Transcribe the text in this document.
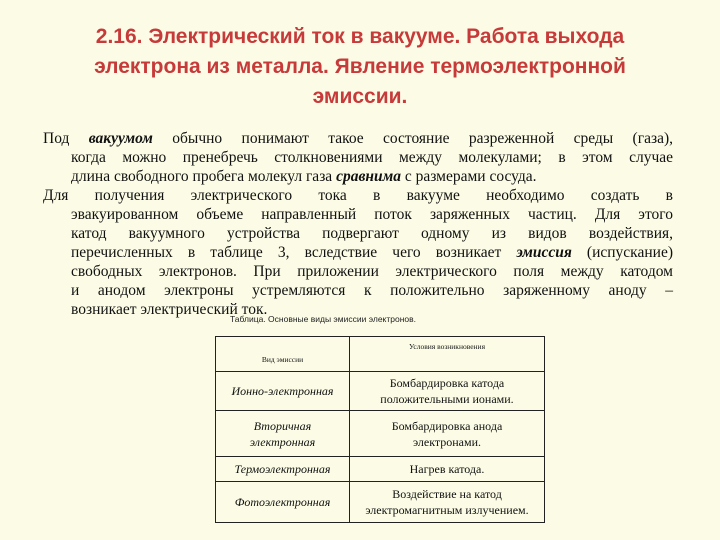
2.16. Электрический ток в вакууме. Работа выхода
электрона из металла. Явление термоэлектронной
эмиссии.
Под вакуумом обычно понимают такое состояние разреженной среды (газа),
когда можно пренебречь столкновениями между молекулами; в этом случае
длина свободного пробега молекул газа сравнима с размерами сосуда.
Для получения электрического тока в вакууме необходимо создать в
эвакуированном объеме направленный поток заряженных частиц. Для этого
катод вакуумного устройства подвергают одному из видов воздействия,
перечисленных в таблице 3, вследствие чего возникает эмиссия (испускание)
свободных электронов. При приложении электрического поля между катодом
и анодом электроны устремляются к положительно заряженному аноду –
возникает электрический ток.
Таблица. Основные виды эмиссии электронов.
Вид эмиссии	Условия возникновения
Ионно-электронная	Бомбардировка катода
положительными ионами.
Вторичная
электронная	Бомбардировка анода
электронами.
Термоэлектронная	Нагрев катода.
Фотоэлектронная	Воздействие на катод
электромагнитным излучением.
